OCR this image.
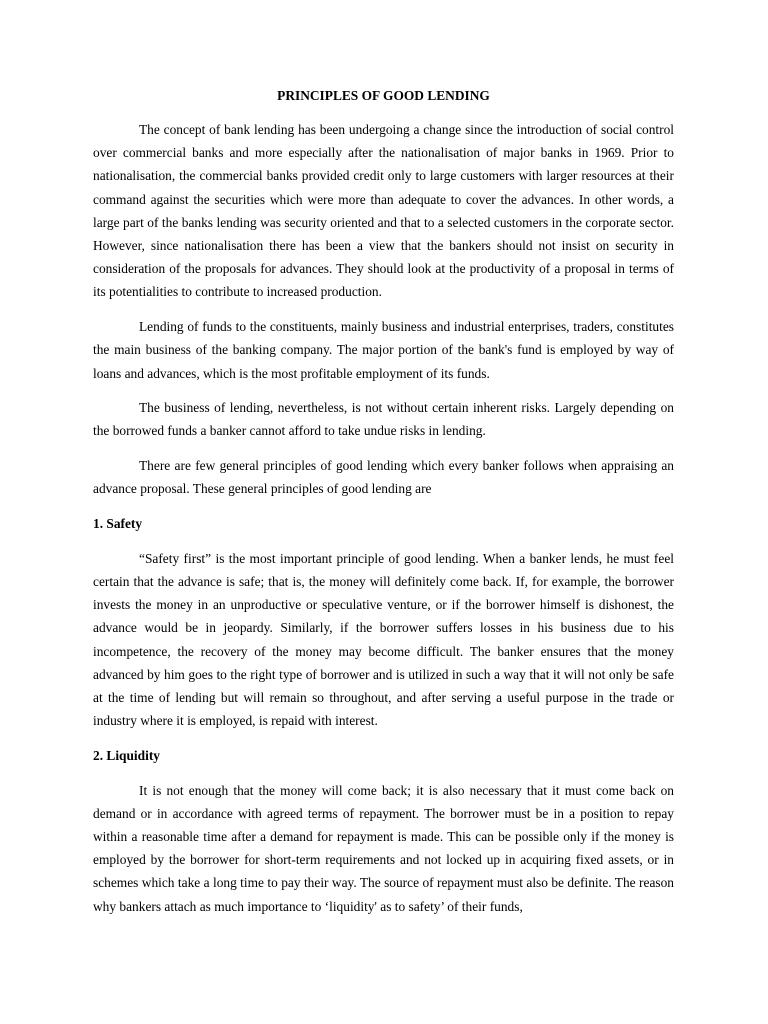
PRINCIPLES OF GOOD LENDING

The concept of bank lending has been undergoing a change since the introduction of social control over commercial banks and more especially after the nationalisation of major banks in 1969. Prior to nationalisation, the commercial banks provided credit only to large customers with larger resources at their command against the securities which were more than adequate to cover the advances. In other words, a large part of the banks lending was security oriented and that to a selected customers in the corporate sector. However, since nationalisation there has been a view that the bankers should not insist on security in consideration of the proposals for advances. They should look at the productivity of a proposal in terms of its potentialities to contribute to increased production.

Lending of funds to the constituents, mainly business and industrial enterprises, traders, constitutes the main business of the banking company. The major portion of the bank's fund is employed by way of loans and advances, which is the most profitable employment of its funds.

The business of lending, nevertheless, is not without certain inherent risks. Largely depending on the borrowed funds a banker cannot afford to take undue risks in lending.

There are few general principles of good lending which every banker follows when appraising an advance proposal. These general principles of good lending are

1. Safety

“Safety first” is the most important principle of good lending. When a banker lends, he must feel certain that the advance is safe; that is, the money will definitely come back. If, for example, the borrower invests the money in an unproductive or speculative venture, or if the borrower himself is dishonest, the advance would be in jeopardy. Similarly, if the borrower suffers losses in his business due to his incompetence, the recovery of the money may become difficult. The banker ensures that the money advanced by him goes to the right type of borrower and is utilized in such a way that it will not only be safe at the time of lending but will remain so throughout, and after serving a useful purpose in the trade or industry where it is employed, is repaid with interest.

2. Liquidity

It is not enough that the money will come back; it is also necessary that it must come back on demand or in accordance with agreed terms of repayment. The borrower must be in a position to repay within a reasonable time after a demand for repayment is made. This can be possible only if the money is employed by the borrower for short-term requirements and not locked up in acquiring fixed assets, or in schemes which take a long time to pay their way. The source of repayment must also be definite. The reason why bankers attach as much importance to ‘liquidity' as to safety’ of their funds,
